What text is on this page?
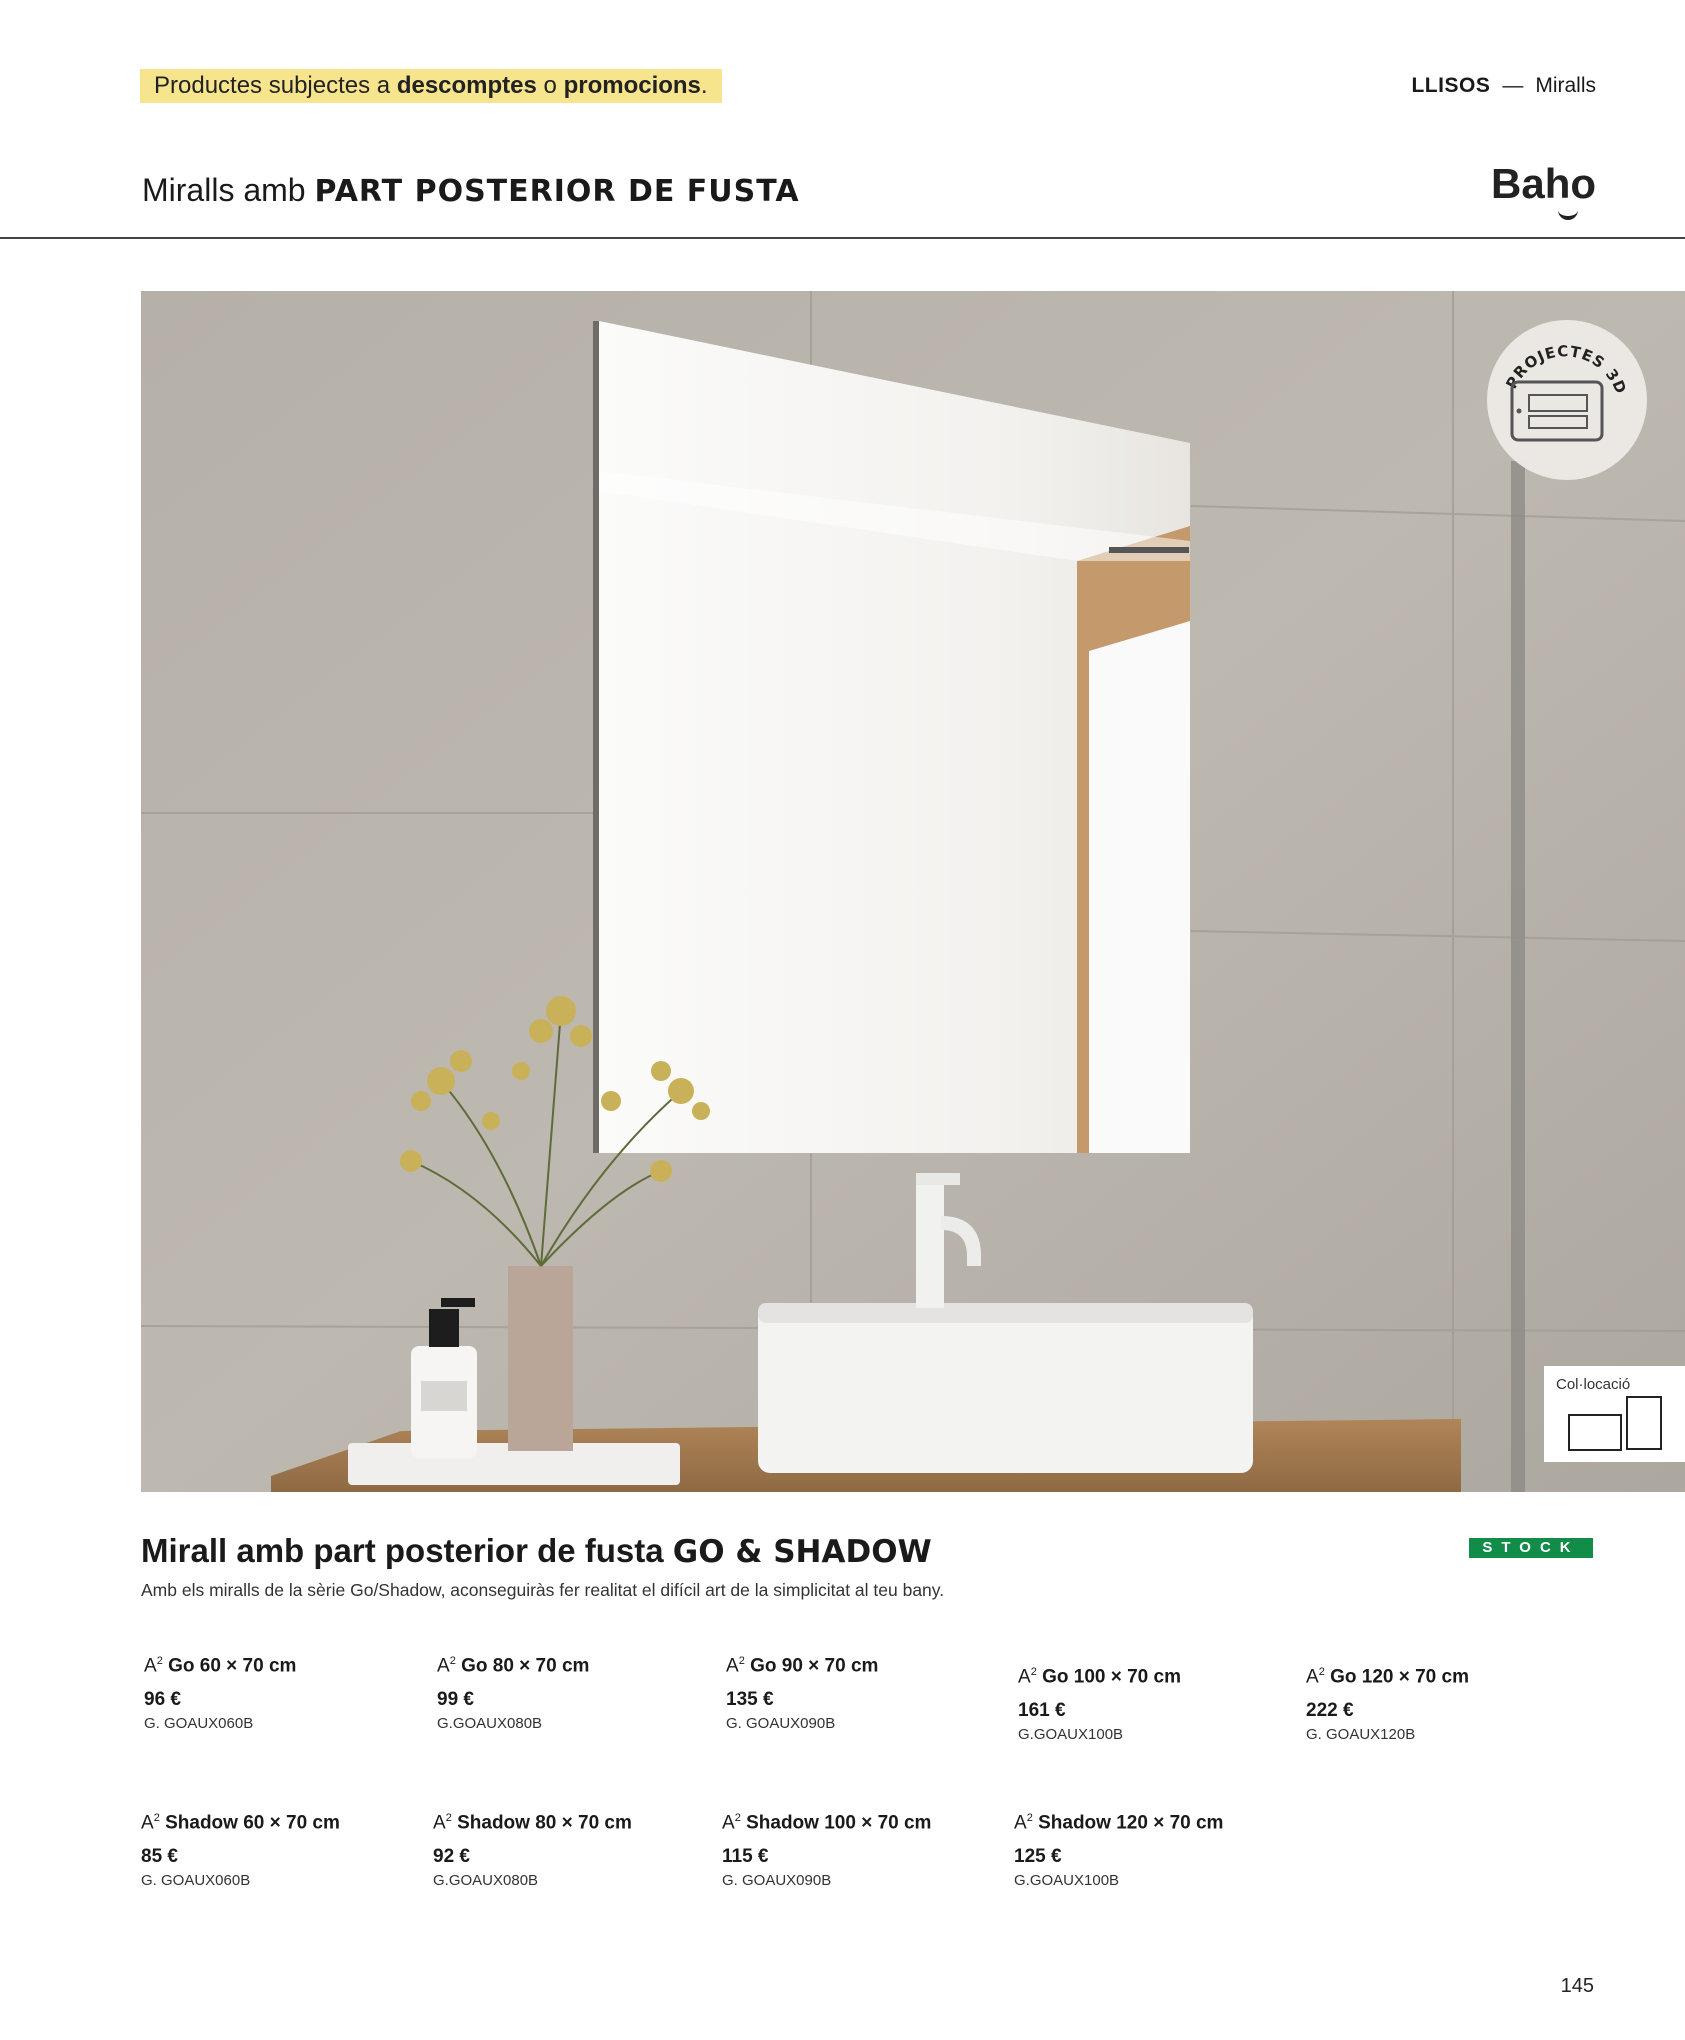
Productes subjectes a descomptes o promocions.	LLISOS — Miralls
Miralls amb PART POSTERIOR DE FUSTA	Baho
PROJECTES 3D
Col·locació
Mirall amb part posterior de fusta GO & SHADOW	STOCK
Amb els miralls de la sèrie Go/Shadow, aconseguiràs fer realitat el difícil art de la simplicitat al teu bany.
$A^2$ Go 60 × 70 cm
96 €
G. GOAUX060B
$A^2$ Go 80 × 70 cm
99 €
G.GOAUX080B
$A^2$ Go 90 × 70 cm
135 €
G. GOAUX090B
$A^2$ Go 100 × 70 cm
161 €
G.GOAUX100B
$A^2$ Go 120 × 70 cm
222 €
G. GOAUX120B
$A^2$ Shadow 60 × 70 cm
85 €
G. GOAUX060B
$A^2$ Shadow 80 × 70 cm
92 €
G.GOAUX080B
$A^2$ Shadow 100 × 70 cm
115 €
G. GOAUX090B
$A^2$ Shadow 120 × 70 cm
125 €
G.GOAUX100B
145
